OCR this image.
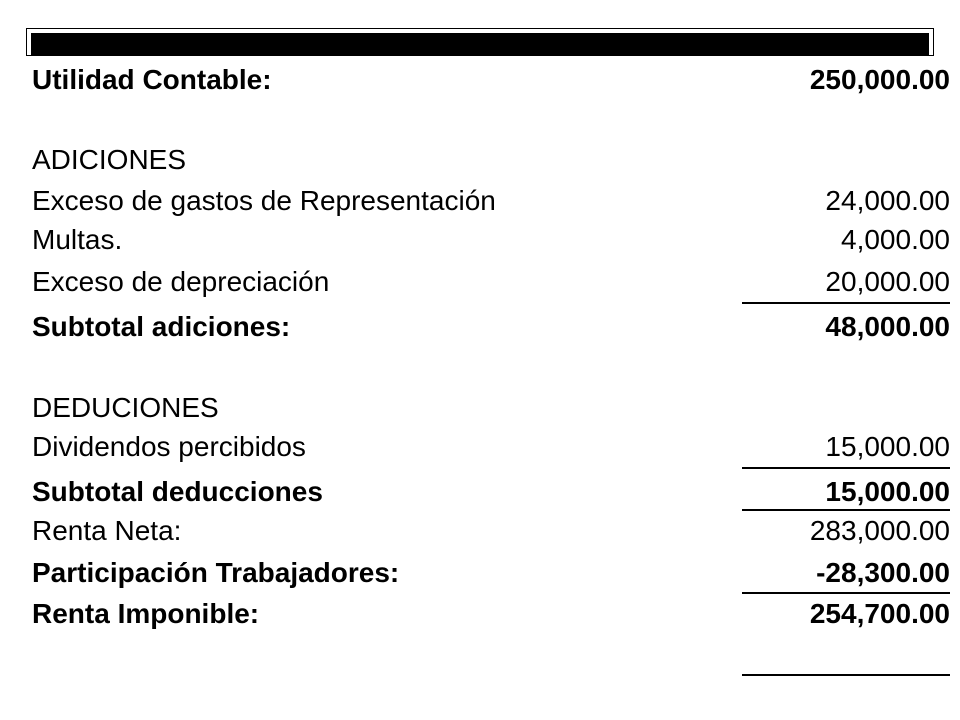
Utilidad Contable:	250,000.00
ADICIONES
Exceso de gastos de Representación	24,000.00
Multas.	4,000.00
Exceso de depreciación	20,000.00
Subtotal adiciones:	48,000.00
DEDUCIONES
Dividendos percibidos	15,000.00
Subtotal deducciones	15,000.00
Renta Neta:	283,000.00
Participación Trabajadores:	-28,300.00
Renta Imponible:	254,700.00
